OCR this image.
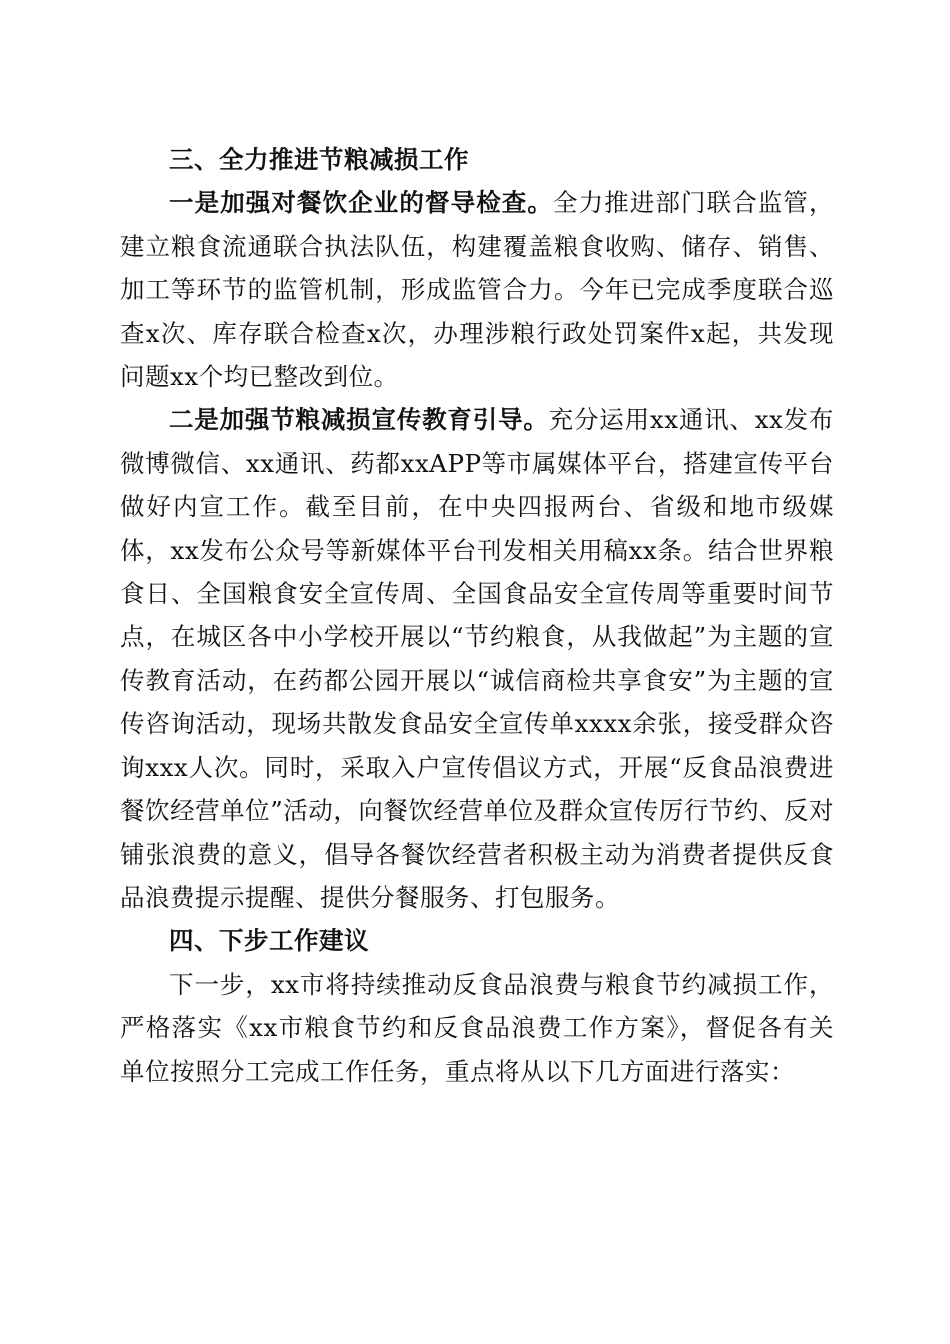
三、全力推进节粮减损工作

一是加强对餐饮企业的督导检查。全力推进部门联合监管，建立粮食流通联合执法队伍，构建覆盖粮食收购、储存、销售、加工等环节的监管机制，形成监管合力。今年已完成季度联合巡查x次、库存联合检查x次，办理涉粮行政处罚案件x起，共发现问题xx个均已整改到位。

二是加强节粮减损宣传教育引导。充分运用xx通讯、xx发布微博微信、xx通讯、药都xxAPP等市属媒体平台，搭建宣传平台做好内宣工作。截至目前，在中央四报两台、省级和地市级媒体，xx发布公众号等新媒体平台刊发相关用稿xx条。结合世界粮食日、全国粮食安全宣传周、全国食品安全宣传周等重要时间节点，在城区各中小学校开展以“节约粮食，从我做起”为主题的宣传教育活动，在药都公园开展以“诚信商检共享食安”为主题的宣传咨询活动，现场共散发食品安全宣传单xxxx余张，接受群众咨询xxx人次。同时，采取入户宣传倡议方式，开展“反食品浪费进餐饮经营单位”活动，向餐饮经营单位及群众宣传厉行节约、反对铺张浪费的意义，倡导各餐饮经营者积极主动为消费者提供反食品浪费提示提醒、提供分餐服务、打包服务。

四、下步工作建议

下一步，xx市将持续推动反食品浪费与粮食节约减损工作，严格落实《xx市粮食节约和反食品浪费工作方案》，督促各有关单位按照分工完成工作任务，重点将从以下几方面进行落实：
